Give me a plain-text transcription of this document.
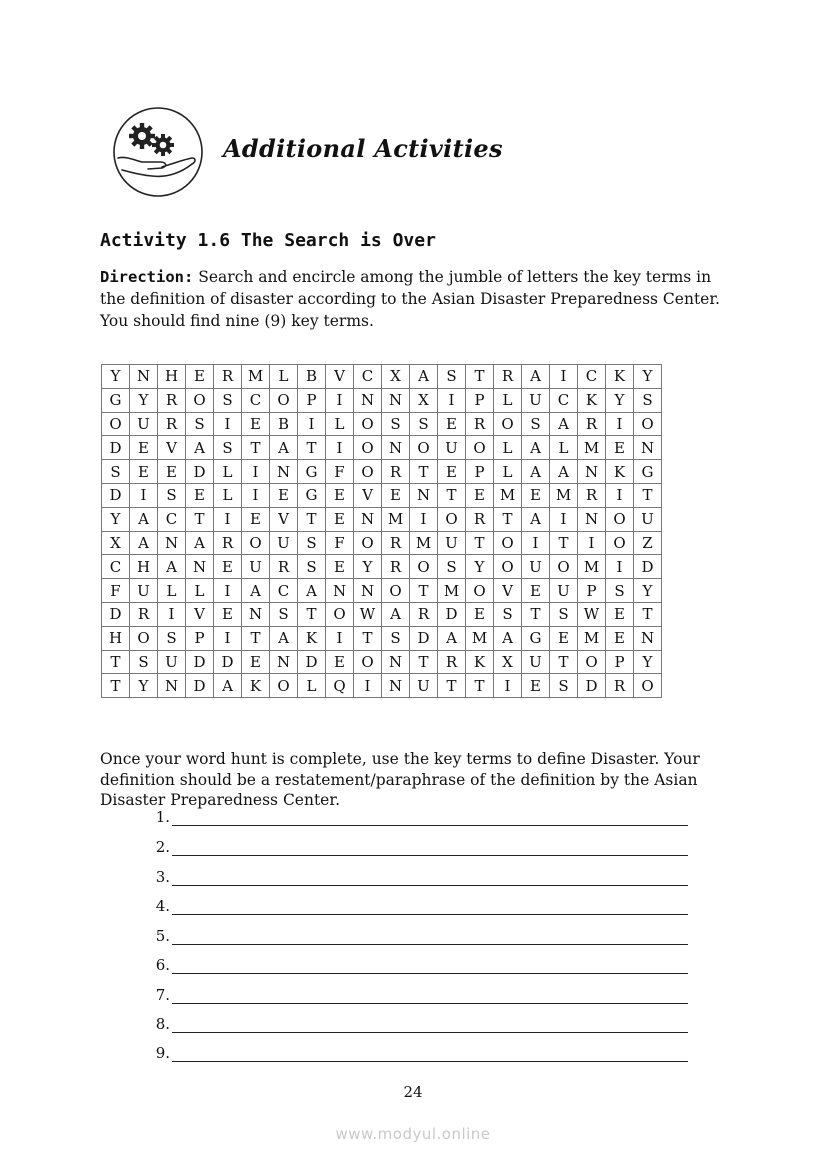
Additional Activities
Activity 1.6 The Search is Over
Direction: Search and encircle among the jumble of letters the key terms in the definition of disaster according to the Asian Disaster Preparedness Center. You should find nine (9) key terms.
Y	N	H	E	R	M	L	B	V	C	X	A	S	T	R	A	I	C	K	Y
G	Y	R	O	S	C	O	P	I	N	N	X	I	P	L	U	C	K	Y	S
O	U	R	S	I	E	B	I	L	O	S	S	E	R	O	S	A	R	I	O
D	E	V	A	S	T	A	T	I	O	N	O	U	O	L	A	L	M	E	N
S	E	E	D	L	I	N	G	F	O	R	T	E	P	L	A	A	N	K	G
D	I	S	E	L	I	E	G	E	V	E	N	T	E	M	E	M	R	I	T
Y	A	C	T	I	E	V	T	E	N	M	I	O	R	T	A	I	N	O	U
X	A	N	A	R	O	U	S	F	O	R	M	U	T	O	I	T	I	O	Z
C	H	A	N	E	U	R	S	E	Y	R	O	S	Y	O	U	O	M	I	D
F	U	L	L	I	A	C	A	N	N	O	T	M	O	V	E	U	P	S	Y
D	R	I	V	E	N	S	T	O	W	A	R	D	E	S	T	S	W	E	T
H	O	S	P	I	T	A	K	I	T	S	D	A	M	A	G	E	M	E	N
T	S	U	D	D	E	N	D	E	O	N	T	R	K	X	U	T	O	P	Y
T	Y	N	D	A	K	O	L	Q	I	N	U	T	T	I	E	S	D	R	O
Once your word hunt is complete, use the key terms to define Disaster. Your definition should be a restatement/paraphrase of the definition by the Asian Disaster Preparedness Center.
1.
2.
3.
4.
5.
6.
7.
8.
9.
24
www.modyul.online
